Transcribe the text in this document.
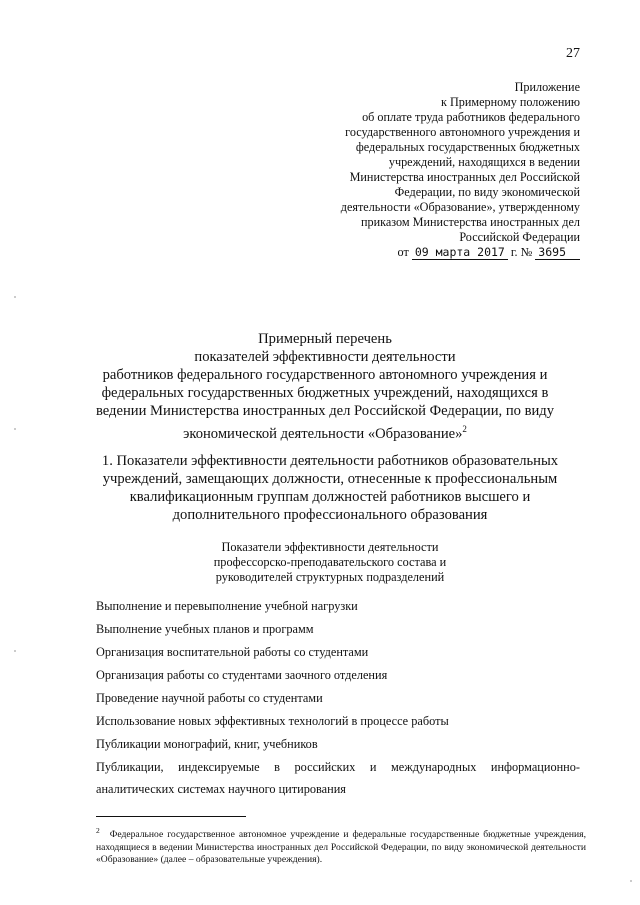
27
Приложение
к Примерному положению
об оплате труда работников федерального
государственного автономного учреждения и
федеральных государственных бюджетных
учреждений, находящихся в ведении
Министерства иностранных дел Российской
Федерации, по виду экономической
деятельности «Образование», утвержденному
приказом Министерства иностранных дел
Российской Федерации
от 09 марта 2017 г. № 3695
Примерный перечень
показателей эффективности деятельности
работников федерального государственного автономного учреждения и
федеральных государственных бюджетных учреждений, находящихся в
ведении Министерства иностранных дел Российской Федерации, по виду
экономической деятельности «Образование»$^2$
1. Показатели эффективности деятельности работников образовательных
учреждений, замещающих должности, отнесенные к профессиональным
квалификационным группам должностей работников высшего и
дополнительного профессионального образования
Показатели эффективности деятельности
профессорско-преподавательского состава и
руководителей структурных подразделений
Выполнение и перевыполнение учебной нагрузки
Выполнение учебных планов и программ
Организация воспитательной работы со студентами
Организация работы со студентами заочного отделения
Проведение научной работы со студентами
Использование новых эффективных технологий в процессе работы
Публикации монографий, книг, учебников
Публикации, индексируемые в российских и международных информационно-
аналитических системах научного цитирования
$^2$ Федеральное государственное автономное учреждение и федеральные государственные бюджетные учреждения, находящиеся в ведении Министерства иностранных дел Российской Федерации, по виду экономической деятельности «Образование» (далее – образовательные учреждения).
